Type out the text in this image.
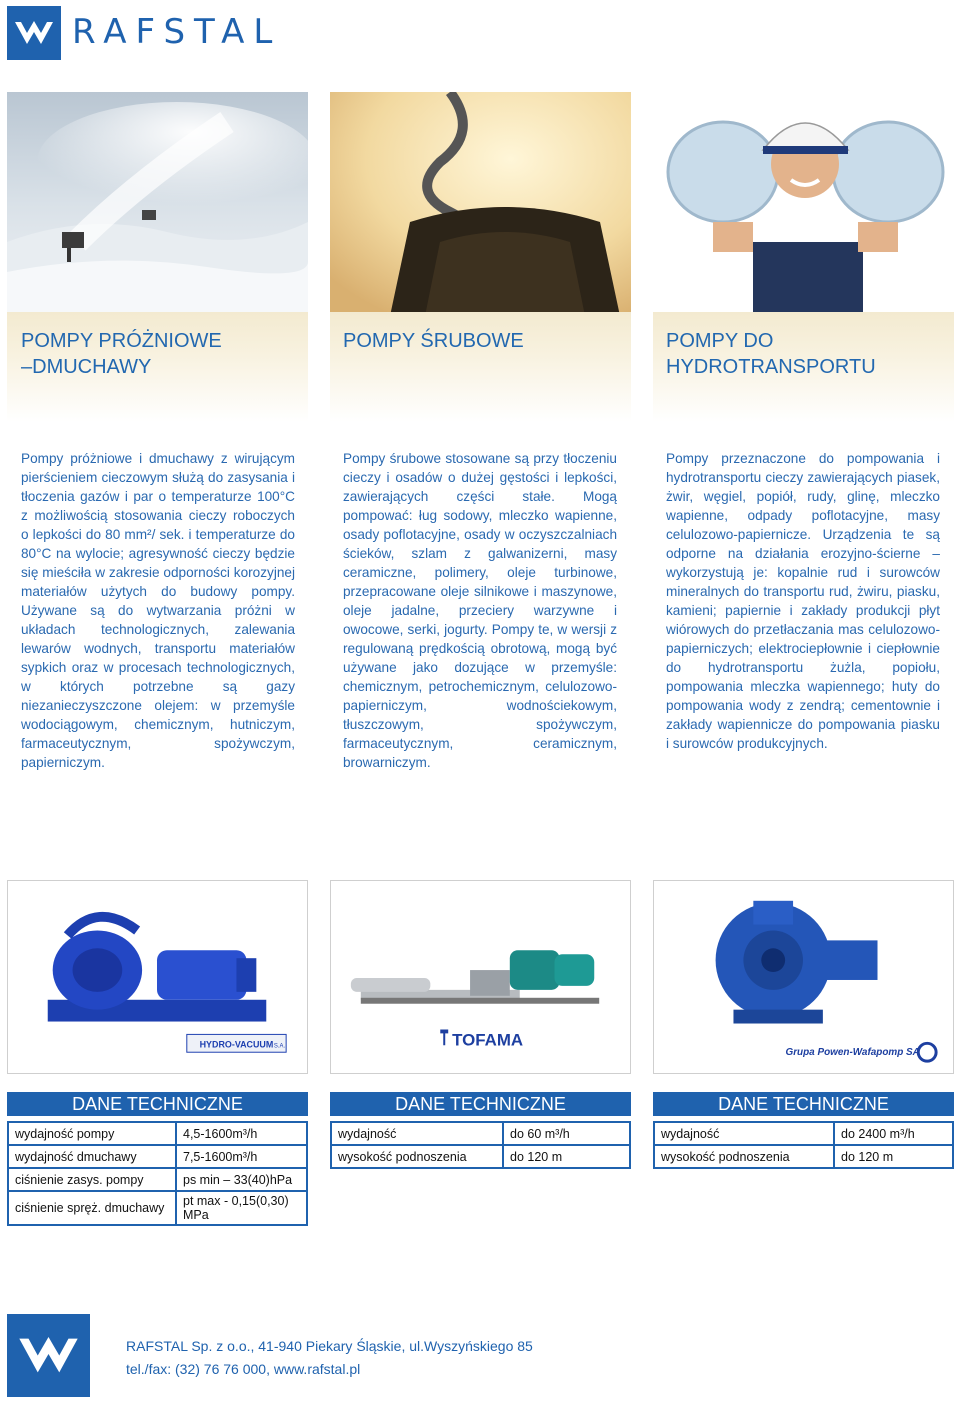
RAFSTAL
POMPY PRÓŻNIOWE
–DMUCHAWY
POMPY ŚRUBOWE	POMPY DO
HYDROTRANSPORTU

Pompy próżniowe i dmuchawy z wirującym pierścieniem cieczowym służą do zasysania i tłoczenia gazów i par o temperaturze 100°C z możliwością stosowania cieczy roboczych o lepkości do 80 mm²/ sek. i temperaturze do 80°C na wylocie; agresywność cieczy będzie się mieściła w zakresie odporności korozyjnej materiałów użytych do budowy pompy. Używane są do wytwarzania próżni w układach technologicznych, zalewania lewarów wodnych, transportu materiałów sypkich oraz w procesach technologicznych, w których potrzebne są gazy niezanieczyszczone olejem: w przemyśle wodociągowym, chemicznym, hutniczym, farmaceutycznym, spożywczym, papierniczym.

Pompy śrubowe stosowane są przy tłoczeniu cieczy i osadów o dużej gęstości i lepkości, zawierających części stałe. Mogą pompować: ług sodowy, mleczko wapienne, osady poflotacyjne, osady w oczyszczalniach ścieków, szlam z galwanizerni, masy ceramiczne, polimery, oleje turbinowe, przepracowane oleje silnikowe i maszynowe, oleje jadalne, przeciery warzywne i owocowe, serki, jogurty. Pompy te, w wersji z regulowaną prędkością obrotową, mogą być używane jako dozujące w przemyśle: chemicznym, petrochemicznym, celulozowo-papierniczym, wodnościekowym, tłuszczowym, spożywczym, farmaceutycznym, ceramicznym, browarniczym.

Pompy przeznaczone do pompowania i hydrotransportu cieczy zawierających piasek, żwir, węgiel, popiół, rudy, glinę, mleczko wapienne, odpady poflotacyjne, masy celulozowo-papiernicze. Urządzenia te są odporne na działania erozyjno-ścierne – wykorzystują je: kopalnie rud i surowców mineralnych do transportu rud, żwiru, piasku, kamieni; papiernie i zakłady produkcji płyt wiórowych do przetłaczania mas celulozowo-papierniczych; elektrociepłownie i ciepłownie do hydrotransportu żużla, popiołu, pompowania mleczka wapiennego; huty do pompowania wody z zendrą; cementownie i zakłady wapiennicze do pompowania piasku i surowców produkcyjnych.

HYDRO-VACUUM S.A.	TOFAMA
Grupa Powen-Wafapomp SA
DANE TECHNICZNE	DANE TECHNICZNE	DANE TECHNICZNE
wydajność pompy	4,5-1600m³/h
wydajność dmuchawy	7,5-1600m³/h
ciśnienie zasys. pompy	ps min – 33(40)hPa
ciśnienie spręż. dmuchawy	pt max - 0,15(0,30) MPa
wydajność	do 60 m³/h
wysokość podnoszenia	do 120 m
wydajność	do 2400 m³/h
wysokość podnoszenia	do 120 m
RAFSTAL Sp. z o.o., 41-940 Piekary Śląskie, ul.Wyszyńskiego 85
tel./fax: (32) 76 76 000, www.rafstal.pl
